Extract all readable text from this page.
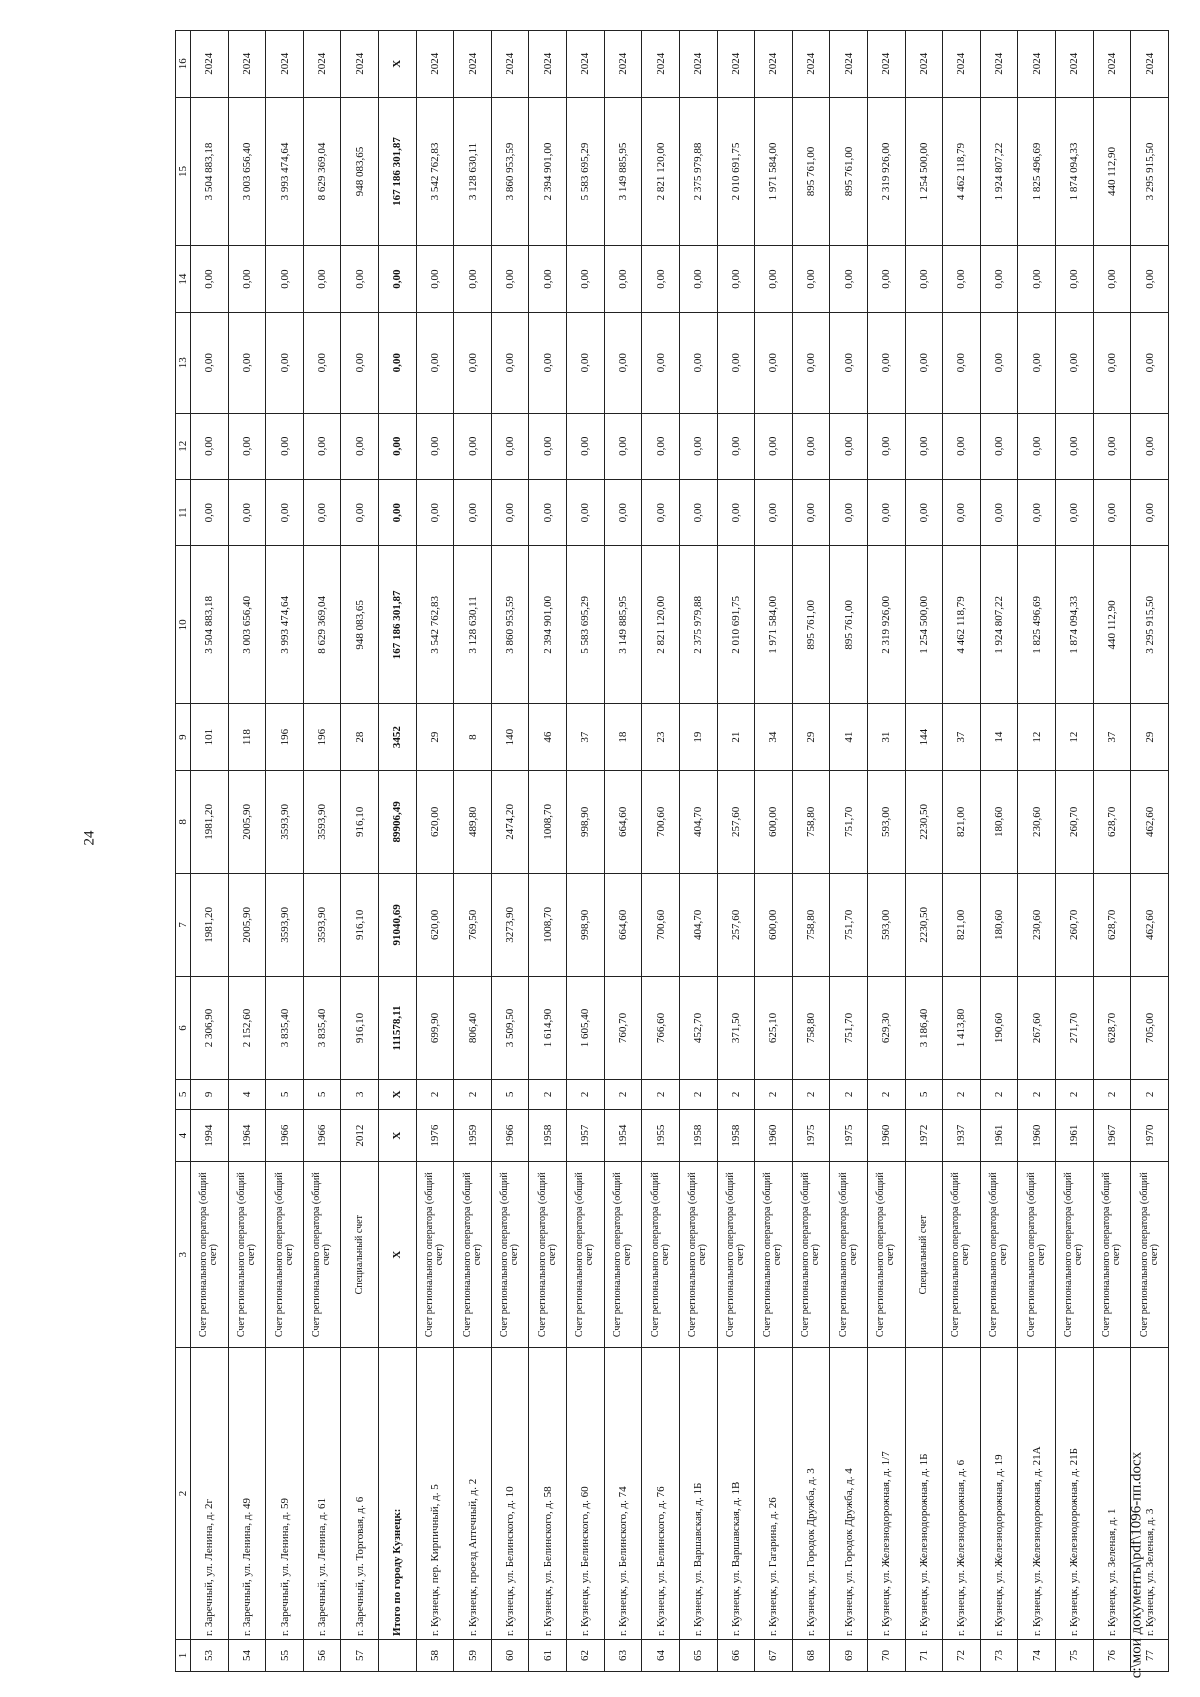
24
1	2	3	4	5	6	7	8	9	10	11	12	13	14	15	16
53	г. Заречный, ул. Ленина, д. 2г	Счет регионального оператора (общий счет)	1994	9	2 306,90	1981,20	1981,20	101	3 504 883,18	0,00	0,00	0,00	0,00	3 504 883,18	2024
54	г. Заречный, ул. Ленина, д. 49	Счет регионального оператора (общий счет)	1964	4	2 152,60	2005,90	2005,90	118	3 003 656,40	0,00	0,00	0,00	0,00	3 003 656,40	2024
55	г. Заречный, ул. Ленина, д. 59	Счет регионального оператора (общий счет)	1966	5	3 835,40	3593,90	3593,90	196	3 993 474,64	0,00	0,00	0,00	0,00	3 993 474,64	2024
56	г. Заречный, ул. Ленина, д. 61	Счет регионального оператора (общий счет)	1966	5	3 835,40	3593,90	3593,90	196	8 629 369,04	0,00	0,00	0,00	0,00	8 629 369,04	2024
57	г. Заречный, ул. Торговая, д. 6	Специальный счет	2012	3	916,10	916,10	916,10	28	948 083,65	0,00	0,00	0,00	0,00	948 083,65	2024
	Итого по городу Кузнецк:	X	X	X	111578,11	91040,69	89906,49	3452	167 186 301,87	0,00	0,00	0,00	0,00	167 186 301,87	X
58	г. Кузнецк, пер. Кирпичный, д. 5	Счет регионального оператора (общий счет)	1976	2	699,90	620,00	620,00	29	3 542 762,83	0,00	0,00	0,00	0,00	3 542 762,83	2024
59	г. Кузнецк, проезд Аптечный, д. 2	Счет регионального оператора (общий счет)	1959	2	806,40	769,50	489,80	8	3 128 630,11	0,00	0,00	0,00	0,00	3 128 630,11	2024
60	г. Кузнецк, ул. Белинского, д. 10	Счет регионального оператора (общий счет)	1966	5	3 509,50	3273,90	2474,20	140	3 860 953,59	0,00	0,00	0,00	0,00	3 860 953,59	2024
61	г. Кузнецк, ул. Белинского, д. 58	Счет регионального оператора (общий счет)	1958	2	1 614,90	1008,70	1008,70	46	2 394 901,00	0,00	0,00	0,00	0,00	2 394 901,00	2024
62	г. Кузнецк, ул. Белинского, д. 60	Счет регионального оператора (общий счет)	1957	2	1 605,40	998,90	998,90	37	5 583 695,29	0,00	0,00	0,00	0,00	5 583 695,29	2024
63	г. Кузнецк, ул. Белинского, д. 74	Счет регионального оператора (общий счет)	1954	2	760,70	664,60	664,60	18	3 149 885,95	0,00	0,00	0,00	0,00	3 149 885,95	2024
64	г. Кузнецк, ул. Белинского, д. 76	Счет регионального оператора (общий счет)	1955	2	766,60	700,60	700,60	23	2 821 120,00	0,00	0,00	0,00	0,00	2 821 120,00	2024
65	г. Кузнецк, ул. Варшавская, д. 1Б	Счет регионального оператора (общий счет)	1958	2	452,70	404,70	404,70	19	2 375 979,88	0,00	0,00	0,00	0,00	2 375 979,88	2024
66	г. Кузнецк, ул. Варшавская, д. 1В	Счет регионального оператора (общий счет)	1958	2	371,50	257,60	257,60	21	2 010 691,75	0,00	0,00	0,00	0,00	2 010 691,75	2024
67	г. Кузнецк, ул. Гагарина, д. 26	Счет регионального оператора (общий счет)	1960	2	625,10	600,00	600,00	34	1 971 584,00	0,00	0,00	0,00	0,00	1 971 584,00	2024
68	г. Кузнецк, ул. Городок Дружба, д. 3	Счет регионального оператора (общий счет)	1975	2	758,80	758,80	758,80	29	895 761,00	0,00	0,00	0,00	0,00	895 761,00	2024
69	г. Кузнецк, ул. Городок Дружба, д. 4	Счет регионального оператора (общий счет)	1975	2	751,70	751,70	751,70	41	895 761,00	0,00	0,00	0,00	0,00	895 761,00	2024
70	г. Кузнецк, ул. Железнодорожная, д. 1/7	Счет регионального оператора (общий счет)	1960	2	629,30	593,00	593,00	31	2 319 926,00	0,00	0,00	0,00	0,00	2 319 926,00	2024
71	г. Кузнецк, ул. Железнодорожная, д. 1Б	Специальный счет	1972	5	3 186,40	2230,50	2230,50	144	1 254 500,00	0,00	0,00	0,00	0,00	1 254 500,00	2024
72	г. Кузнецк, ул. Железнодорожная, д. 6	Счет регионального оператора (общий счет)	1937	2	1 413,80	821,00	821,00	37	4 462 118,79	0,00	0,00	0,00	0,00	4 462 118,79	2024
73	г. Кузнецк, ул. Железнодорожная, д. 19	Счет регионального оператора (общий счет)	1961	2	190,60	180,60	180,60	14	1 924 807,22	0,00	0,00	0,00	0,00	1 924 807,22	2024
74	г. Кузнецк, ул. Железнодорожная, д. 21А	Счет регионального оператора (общий счет)	1960	2	267,60	230,60	230,60	12	1 825 496,69	0,00	0,00	0,00	0,00	1 825 496,69	2024
75	г. Кузнецк, ул. Железнодорожная, д. 21Б	Счет регионального оператора (общий счет)	1961	2	271,70	260,70	260,70	12	1 874 094,33	0,00	0,00	0,00	0,00	1 874 094,33	2024
76	г. Кузнецк, ул. Зеленая, д. 1	Счет регионального оператора (общий счет)	1967	2	628,70	628,70	628,70	37	440 112,90	0,00	0,00	0,00	0,00	440 112,90	2024
77	г. Кузнецк, ул. Зеленая, д. 3	Счет регионального оператора (общий счет)	1970	2	705,00	462,60	462,60	29	3 295 915,50	0,00	0,00	0,00	0,00	3 295 915,50	2024
c:\мои документы\pdf\1096-пп.docx
